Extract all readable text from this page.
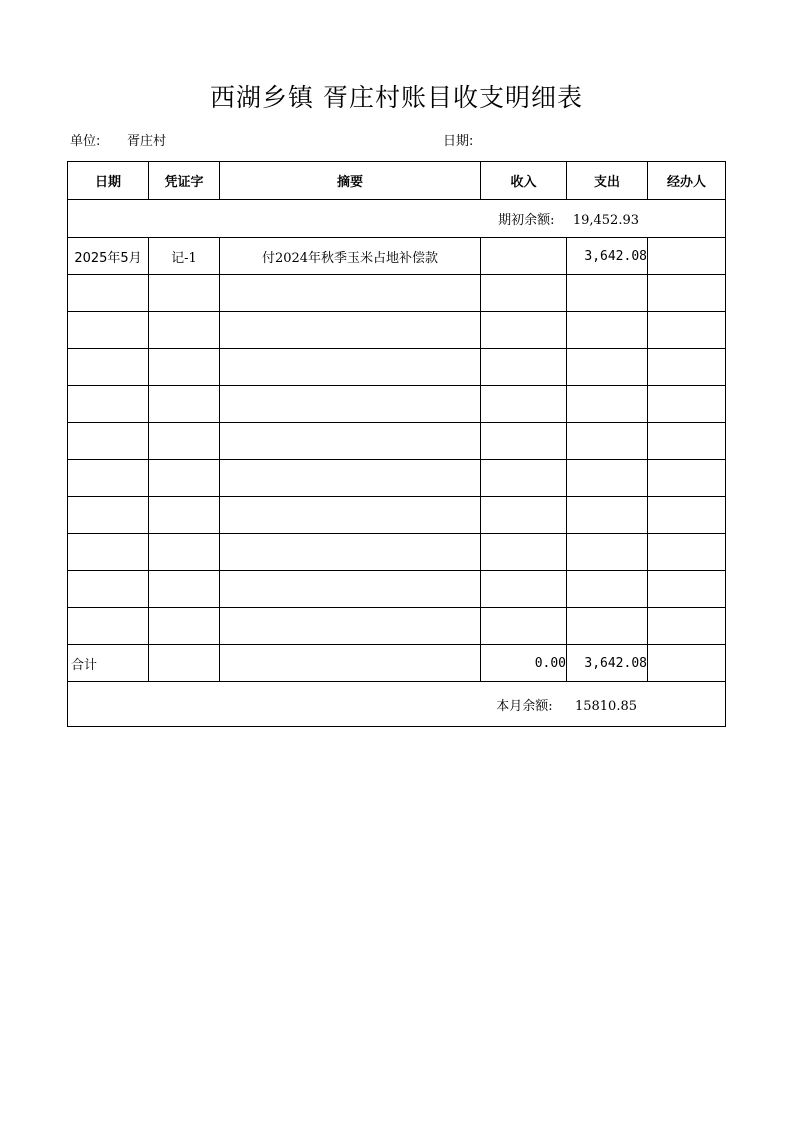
西湖乡镇 胥庄村账目收支明细表
单位: 胥庄村	日期:
日期	凭证字	摘要	收入	支出	经办人
期初余额: 19,452.93					
2025年5月	记-1	付2024年秋季玉米占地补偿款		3,642.08	

合计			0.00	3,642.08	
本月余额: 15810.85					
